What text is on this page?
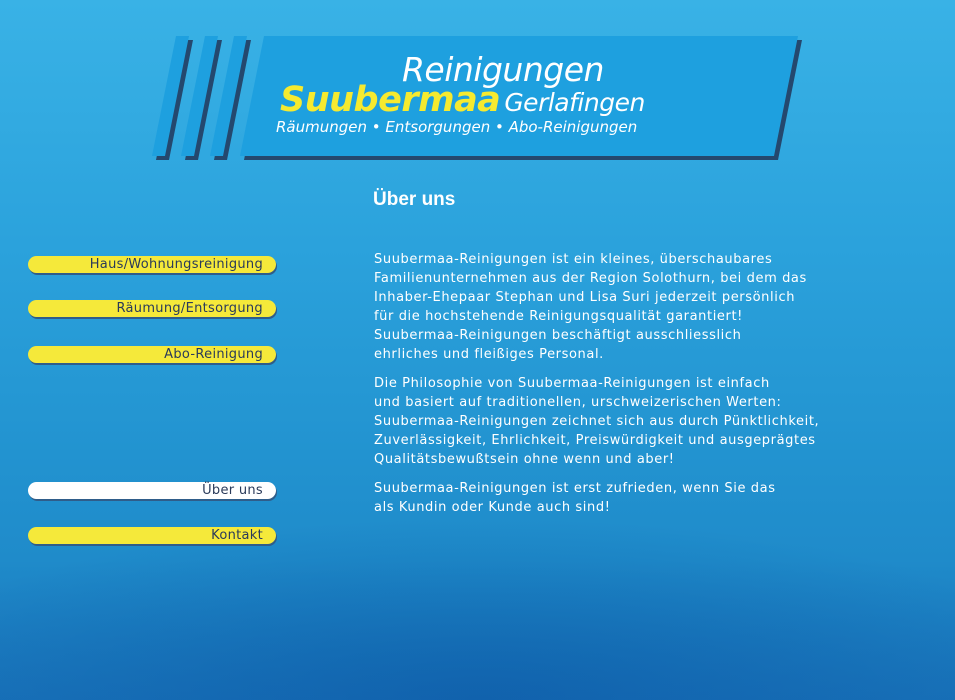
Reinigungen
Suubermaa Gerlafingen
Räumungen • Entsorgungen • Abo-Reinigungen
Haus/Wohnungsreinigung
Räumung/Entsorgung
Abo-Reinigung
Über uns
Kontakt
Über uns

Suubermaa-Reinigungen ist ein kleines, überschaubares
Familienunternehmen aus der Region Solothurn, bei dem das
Inhaber-Ehepaar Stephan und Lisa Suri jederzeit persönlich
für die hochstehende Reinigungsqualität garantiert!
Suubermaa-Reinigungen beschäftigt ausschliesslich
ehrliches und fleißiges Personal.

Die Philosophie von Suubermaa-Reinigungen ist einfach
und basiert auf traditionellen, urschweizerischen Werten:
Suubermaa-Reinigungen zeichnet sich aus durch Pünktlichkeit,
Zuverlässigkeit, Ehrlichkeit, Preiswürdigkeit und ausgeprägtes
Qualitätsbewußtsein ohne wenn und aber!

Suubermaa-Reinigungen ist erst zufrieden, wenn Sie das
als Kundin oder Kunde auch sind!
